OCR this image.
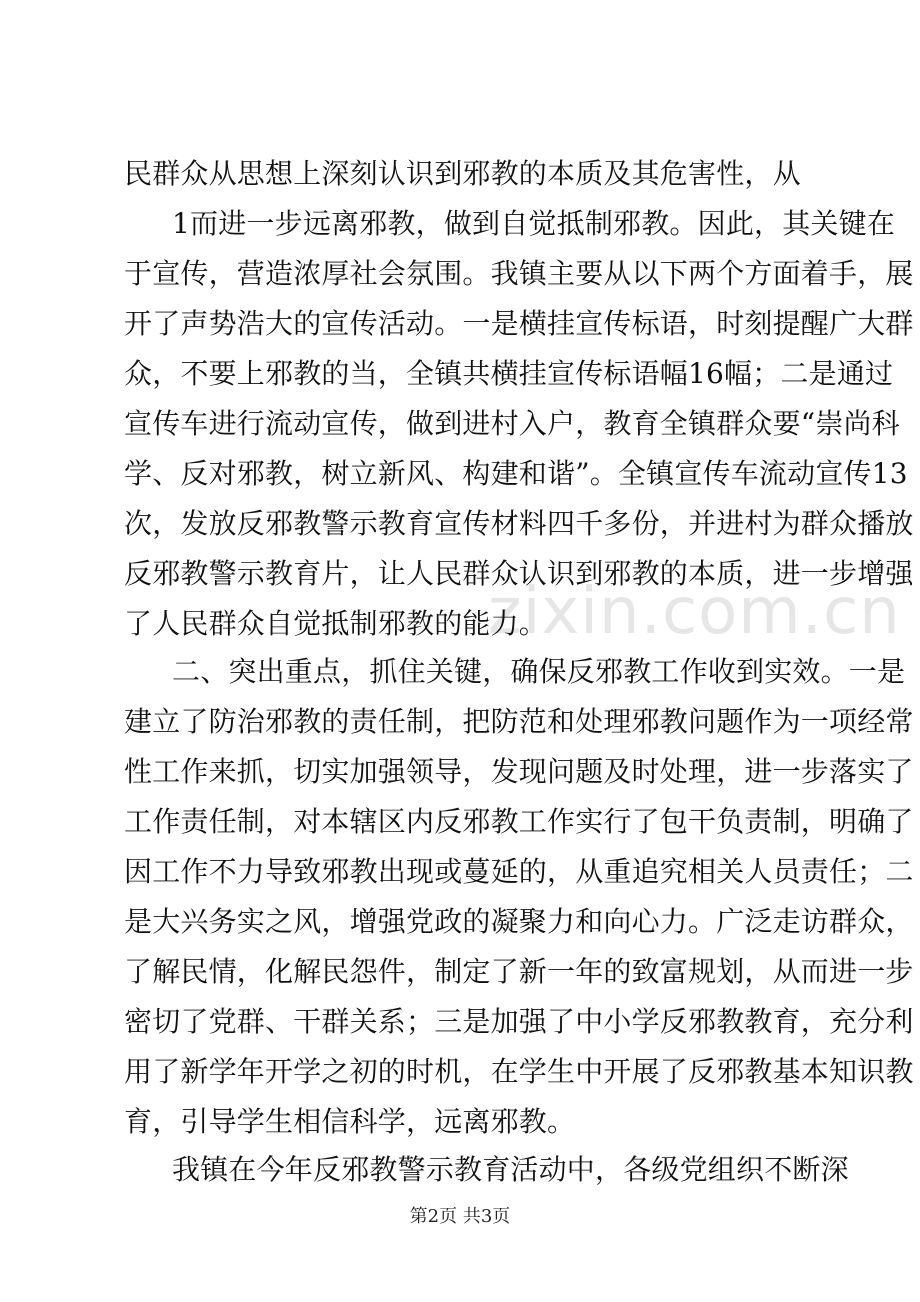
zixin.com.cn
民群众从思想上深刻认识到邪教的本质及其危害性，从
1而进一步远离邪教，做到自觉抵制邪教。因此，其关键在
于宣传，营造浓厚社会氛围。我镇主要从以下两个方面着手，展
开了声势浩大的宣传活动。一是横挂宣传标语，时刻提醒广大群
众，不要上邪教的当，全镇共横挂宣传标语幅16幅；二是通过
宣传车进行流动宣传，做到进村入户，教育全镇群众要“崇尚科
学、反对邪教，树立新风、构建和谐”。全镇宣传车流动宣传13
次，发放反邪教警示教育宣传材料四千多份，并进村为群众播放
反邪教警示教育片，让人民群众认识到邪教的本质，进一步增强
了人民群众自觉抵制邪教的能力。
二、突出重点，抓住关键，确保反邪教工作收到实效。一是
建立了防治邪教的责任制，把防范和处理邪教问题作为一项经常
性工作来抓，切实加强领导，发现问题及时处理，进一步落实了
工作责任制，对本辖区内反邪教工作实行了包干负责制，明确了
因工作不力导致邪教出现或蔓延的，从重追究相关人员责任；二
是大兴务实之风，增强党政的凝聚力和向心力。广泛走访群众，
了解民情，化解民怨件，制定了新一年的致富规划，从而进一步
密切了党群、干群关系；三是加强了中小学反邪教教育，充分利
用了新学年开学之初的时机，在学生中开展了反邪教基本知识教
育，引导学生相信科学，远离邪教。
我镇在今年反邪教警示教育活动中，各级党组织不断深
第2页 共3页
